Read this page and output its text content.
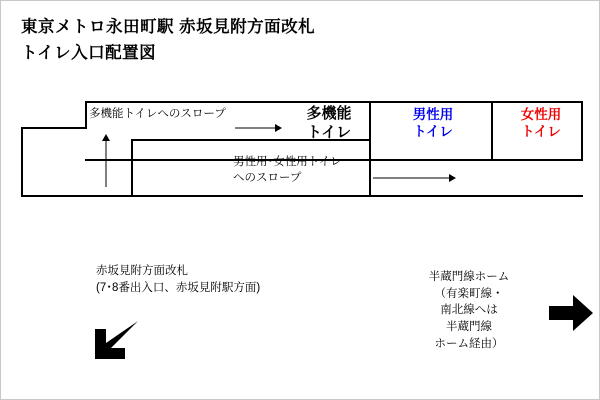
東京メトロ永田町駅 赤坂見附方面改札
トイレ入口配置図
多機能
トイレ
男性用
トイレ
女性用
トイレ
多機能トイレへのスロープ
男性用･女性用トイレ
へのスロープ
赤坂見附方面改札
(7･8番出入口、赤坂見附駅方面)
半蔵門線ホーム
（有楽町線・
南北線へは
半蔵門線
ホーム経由）
